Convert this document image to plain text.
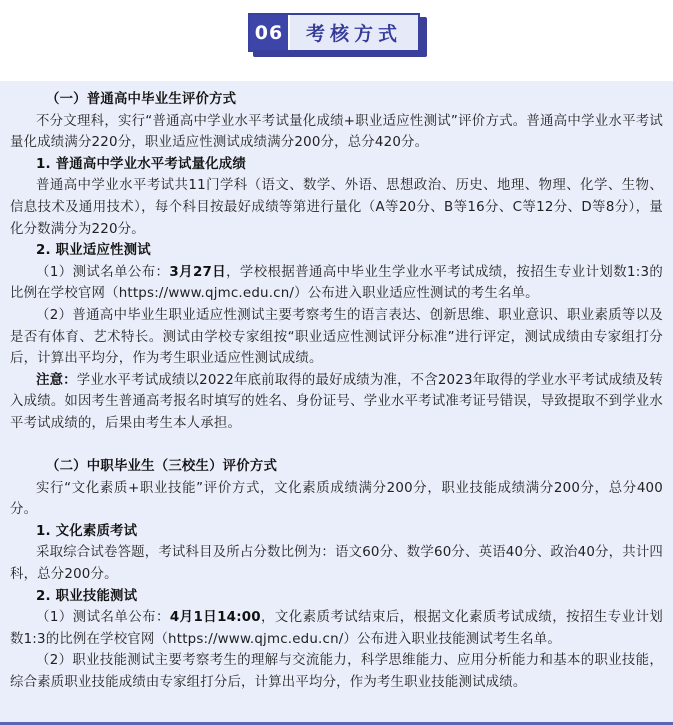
06	考核方式

（一）普通高中毕业生评价方式

不分文理科，实行“普通高中学业水平考试量化成绩+职业适应性测试”评价方式。普通高中学业水平考试量化成绩满分220分，职业适应性测试成绩满分200分，总分420分。

1. 普通高中学业水平考试量化成绩

普通高中学业水平考试共11门学科（语文、数学、外语、思想政治、历史、地理、物理、化学、生物、信息技术及通用技术），每个科目按最好成绩等第进行量化（A等20分、B等16分、C等12分、D等8分），量化分数满分为220分。

2. 职业适应性测试

（1）测试名单公布：3月27日，学校根据普通高中毕业生学业水平考试成绩，按招生专业计划数1:3的比例在学校官网（https://www.qjmc.edu.cn/）公布进入职业适应性测试的考生名单。

（2）普通高中毕业生职业适应性测试主要考察考生的语言表达、创新思维、职业意识、职业素质等以及是否有体育、艺术特长。测试由学校专家组按“职业适应性测试评分标准”进行评定，测试成绩由专家组打分后，计算出平均分，作为考生职业适应性测试成绩。

注意：学业水平考试成绩以2022年底前取得的最好成绩为准，不含2023年取得的学业水平考试成绩及转入成绩。如因考生普通高考报名时填写的姓名、身份证号、学业水平考试准考证号错误，导致提取不到学业水平考试成绩的，后果由考生本人承担。

（二）中职毕业生（三校生）评价方式

实行“文化素质+职业技能”评价方式，文化素质成绩满分200分，职业技能成绩满分200分，总分400分。

1. 文化素质考试

采取综合试卷答题，考试科目及所占分数比例为：语文60分、数学60分、英语40分、政治40分，共计四科，总分200分。

2. 职业技能测试

（1）测试名单公布：4月1日14:00，文化素质考试结束后，根据文化素质考试成绩，按招生专业计划数1:3的比例在学校官网（https://www.qjmc.edu.cn/）公布进入职业技能测试考生名单。

（2）职业技能测试主要考察考生的理解与交流能力，科学思维能力、应用分析能力和基本的职业技能，综合素质职业技能成绩由专家组打分后，计算出平均分，作为考生职业技能测试成绩。
